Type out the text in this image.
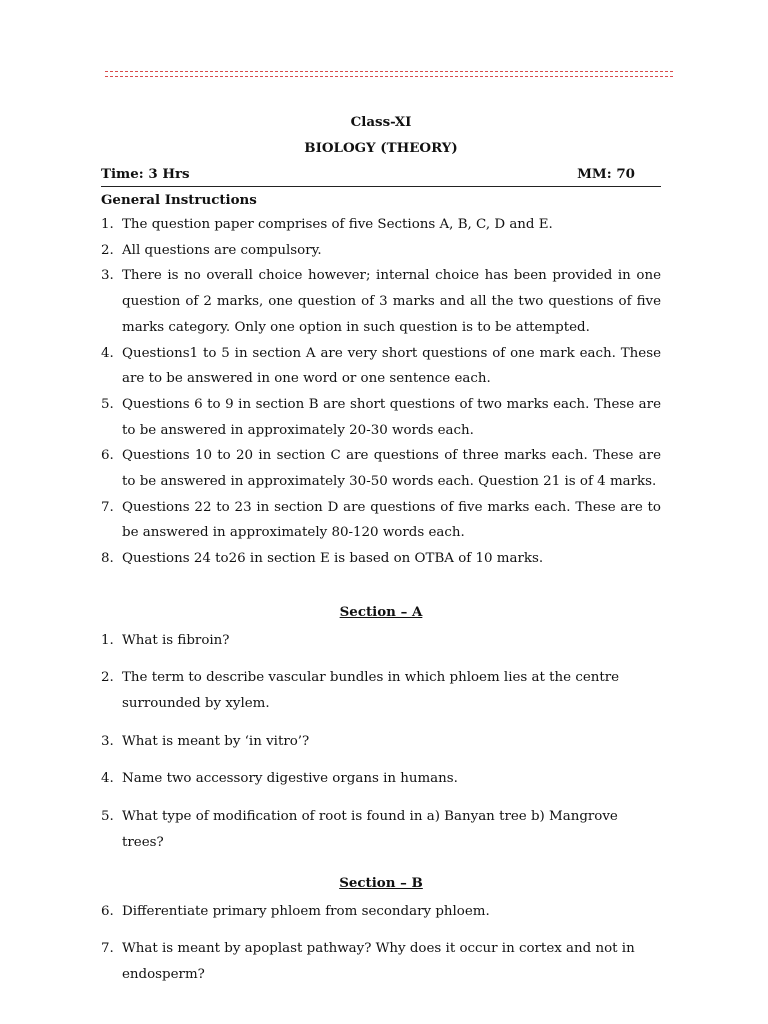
Class-XI
BIOLOGY (THEORY)
Time: 3 Hrs	MM: 70
General Instructions
1. The question paper comprises of five Sections A, B, C, D and E.
2. All questions are compulsory.
3. There is no overall choice however; internal choice has been provided in one question of 2 marks, one question of 3 marks and all the two questions of five marks category. Only one option in such question is to be attempted.
4. Questions1 to 5 in section A are very short questions of one mark each. These are to be answered in one word or one sentence each.
5. Questions 6 to 9 in section B are short questions of two marks each. These are to be answered in approximately 20-30 words each.
6. Questions 10 to 20 in section C are questions of three marks each. These are to be answered in approximately 30-50 words each. Question 21 is of 4 marks.
7. Questions 22 to 23 in section D are questions of five marks each. These are to be answered in approximately 80-120 words each.
8. Questions 24 to26 in section E is based on OTBA of 10 marks.
Section – A
1. What is fibroin?
2. The term to describe vascular bundles in which phloem lies at the centre surrounded by xylem.
3. What is meant by ‘in vitro’?
4. Name two accessory digestive organs in humans.
5. What type of modification of root is found in a) Banyan tree b) Mangrove trees?
Section – B
6. Differentiate primary phloem from secondary phloem.
7. What is meant by apoplast pathway? Why does it occur in cortex and not in endosperm?
